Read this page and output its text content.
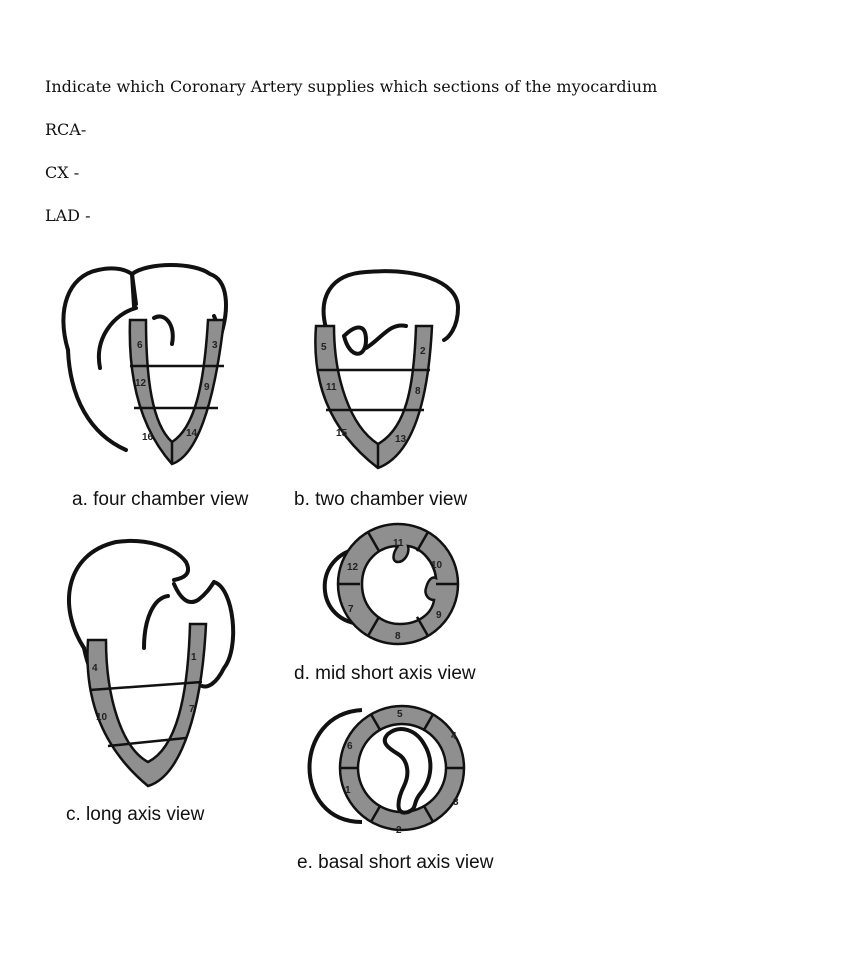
Indicate which Coronary Artery supplies which sections of the myocardium
RCA-
CX -
LAD -
6	3
12	9
16	14
a. four chamber view
5	2
11	8
15
13
b. two chamber view
4
1
10
7
c. long axis view
11
12	10
7
9
8
d. mid short axis view
5
6
4
1
3
2
e. basal short axis view
